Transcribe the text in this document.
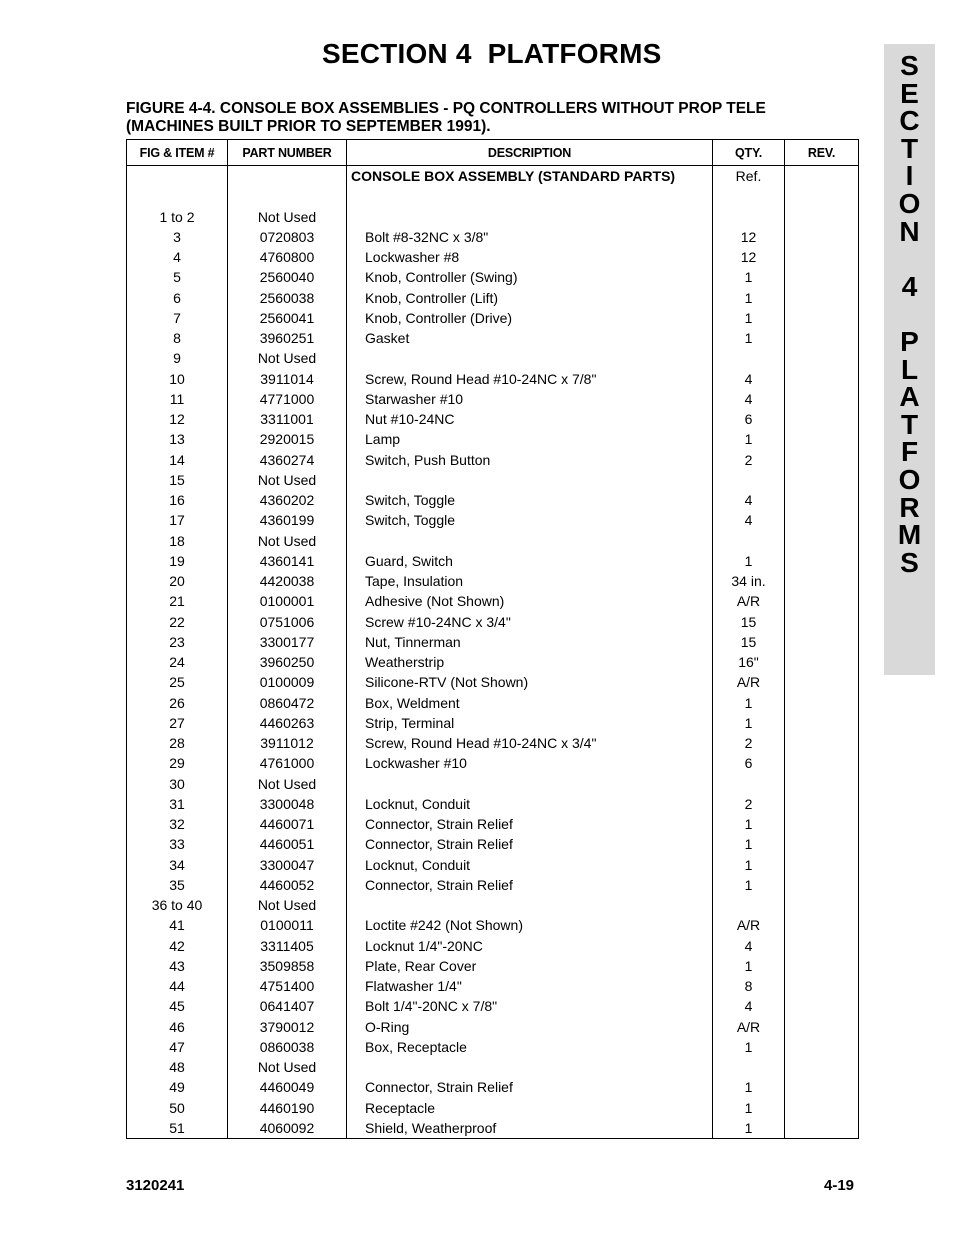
SECTION 4  PLATFORMS
FIGURE 4-4. CONSOLE BOX ASSEMBLIES - PQ CONTROLLERS WITHOUT PROP TELE (MACHINES BUILT PRIOR TO SEPTEMBER 1991).
S
E
C
T
I
O
N
4
P
L
A
T
F
O
R
M
S
FIG & ITEM #	PART NUMBER	DESCRIPTION	QTY.	REV.
		CONSOLE BOX ASSEMBLY (STANDARD PARTS)	Ref.	

1 to 2	Not Used			
3	0720803	Bolt #8-32NC x 3/8"	12	
4	4760800	Lockwasher #8	12	
5	2560040	Knob, Controller (Swing)	1	
6	2560038	Knob, Controller (Lift)	1	
7	2560041	Knob, Controller (Drive)	1	
8	3960251	Gasket	1	
9	Not Used			
10	3911014	Screw, Round Head #10-24NC x 7/8"	4	
11	4771000	Starwasher #10	4	
12	3311001	Nut #10-24NC	6	
13	2920015	Lamp	1	
14	4360274	Switch, Push Button	2	
15	Not Used			
16	4360202	Switch, Toggle	4	
17	4360199	Switch, Toggle	4	
18	Not Used			
19	4360141	Guard, Switch	1	
20	4420038	Tape, Insulation	34 in.	
21	0100001	Adhesive (Not Shown)	A/R	
22	0751006	Screw #10-24NC x 3/4"	15	
23	3300177	Nut, Tinnerman	15	
24	3960250	Weatherstrip	16"	
25	0100009	Silicone-RTV (Not Shown)	A/R	
26	0860472	Box, Weldment	1	
27	4460263	Strip, Terminal	1	
28	3911012	Screw, Round Head #10-24NC x 3/4"	2	
29	4761000	Lockwasher #10	6	
30	Not Used			
31	3300048	Locknut, Conduit	2	
32	4460071	Connector, Strain Relief	1	
33	4460051	Connector, Strain Relief	1	
34	3300047	Locknut, Conduit	1	
35	4460052	Connector, Strain Relief	1	
36 to 40	Not Used			
41	0100011	Loctite #242 (Not Shown)	A/R	
42	3311405	Locknut 1/4"-20NC	4	
43	3509858	Plate, Rear Cover	1	
44	4751400	Flatwasher 1/4"	8	
45	0641407	Bolt 1/4"-20NC x 7/8"	4	
46	3790012	O-Ring	A/R	
47	0860038	Box, Receptacle	1	
48	Not Used			
49	4460049	Connector, Strain Relief	1	
50	4460190	Receptacle	1	
51	4060092	Shield, Weatherproof	1	
3120241	4-19
